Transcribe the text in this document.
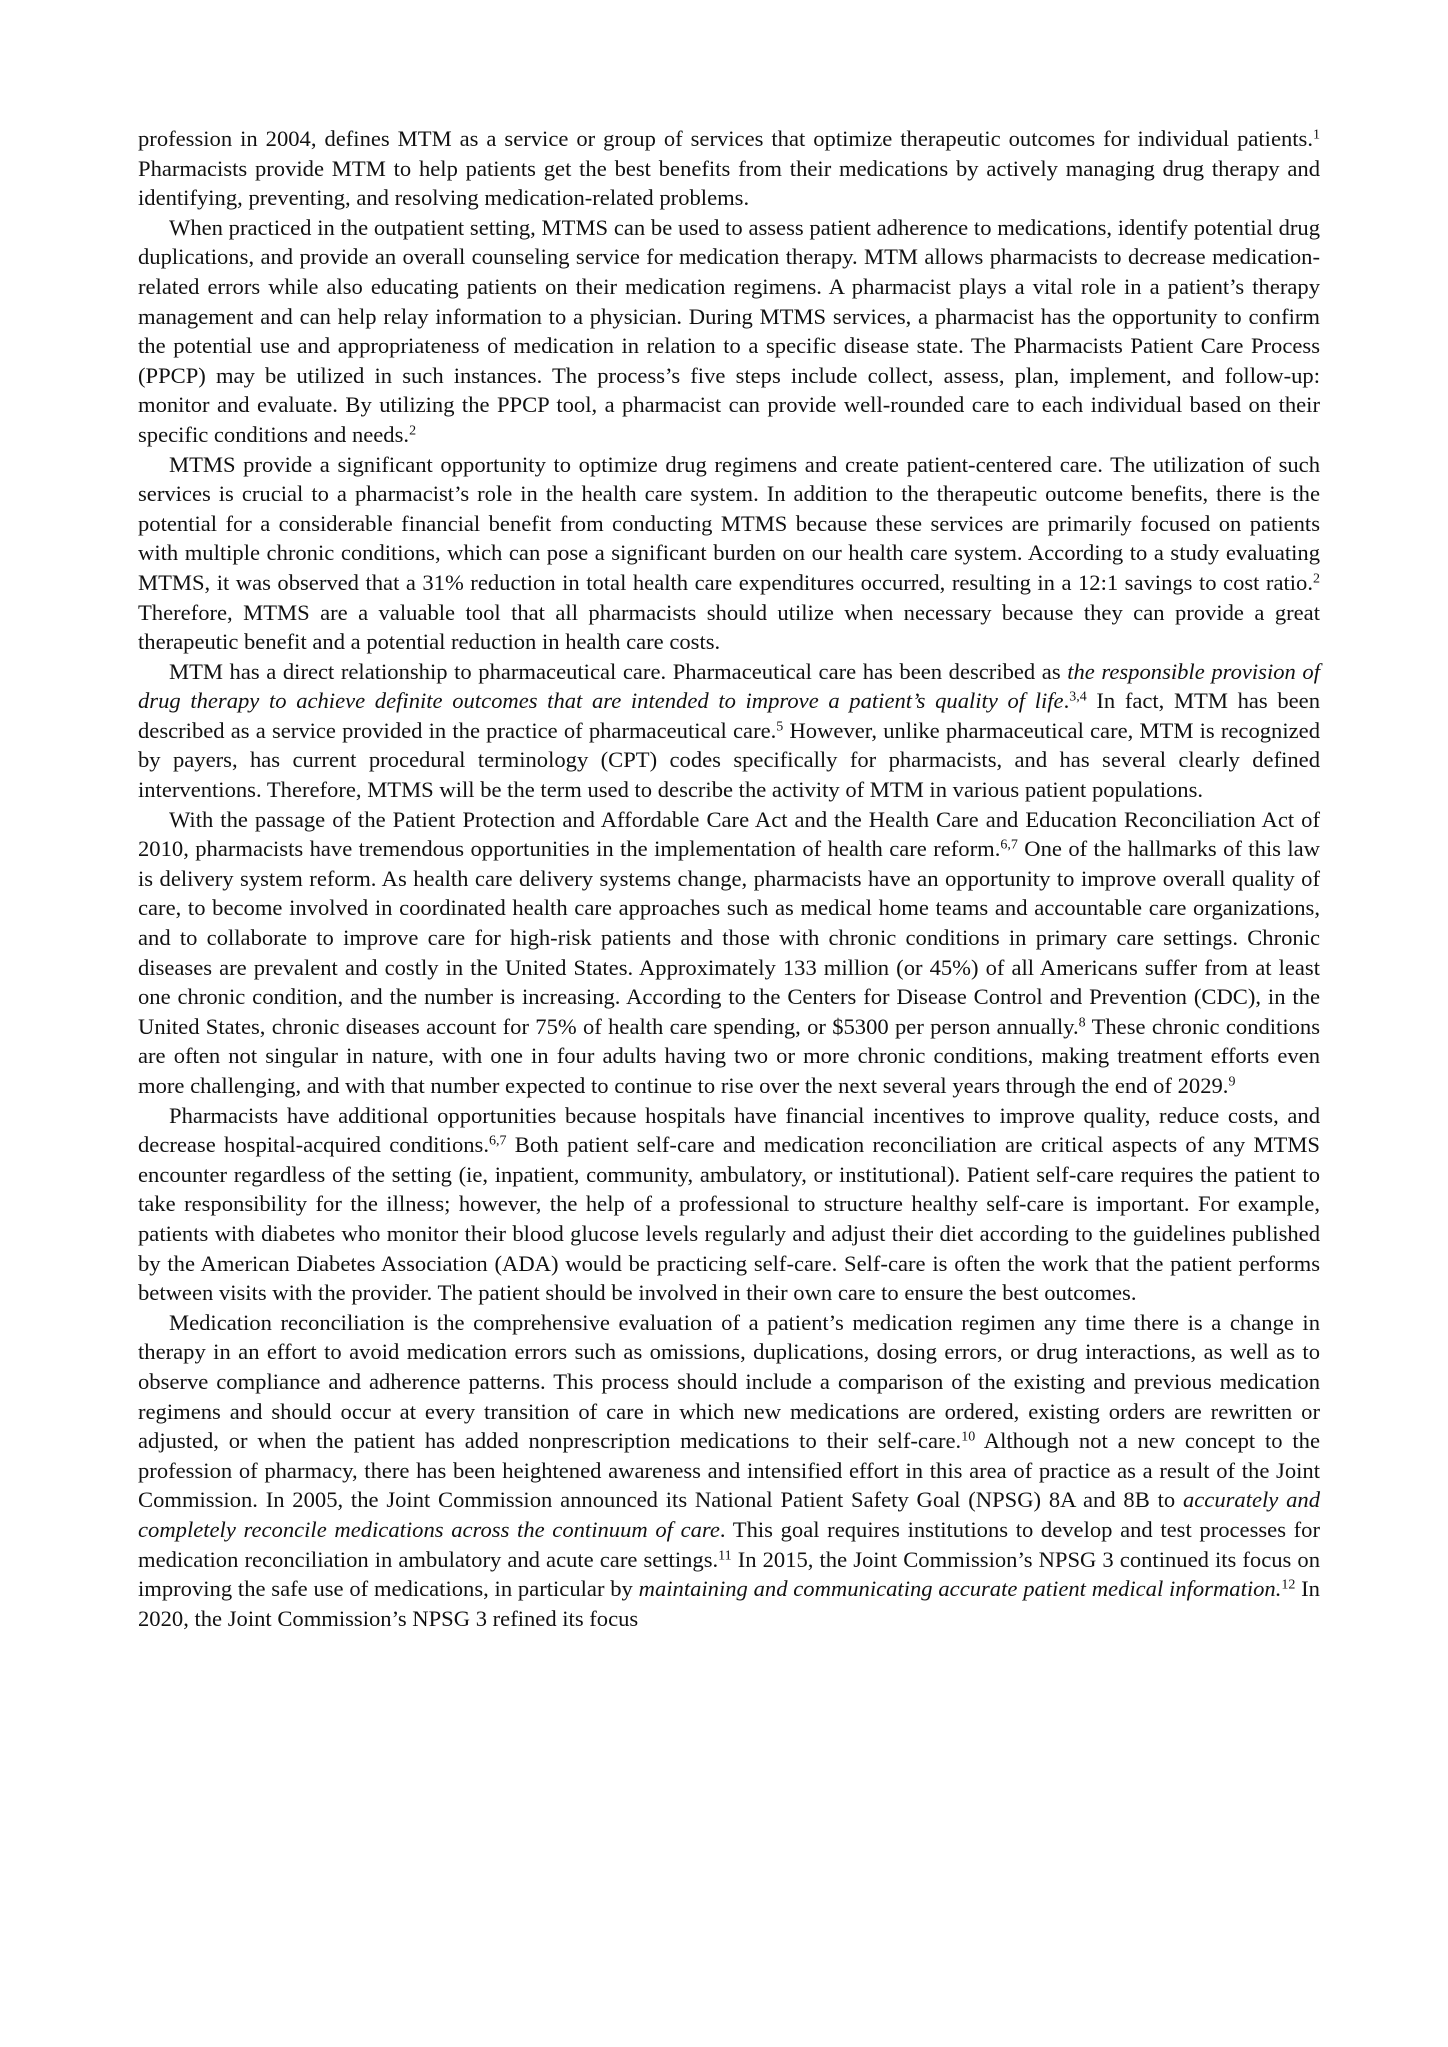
profession in 2004, defines MTM as a service or group of services that optimize therapeutic outcomes for individual patients.$^1$ Pharmacists provide MTM to help patients get the best benefits from their medications by actively managing drug therapy and identifying, preventing, and resolving medication-related problems.

When practiced in the outpatient setting, MTMS can be used to assess patient adherence to medications, identify potential drug duplications, and provide an overall counseling service for medication therapy. MTM allows pharmacists to decrease medication-related errors while also educating patients on their medication regimens. A pharmacist plays a vital role in a patient’s therapy management and can help relay information to a physician. During MTMS services, a pharmacist has the opportunity to confirm the potential use and appropriateness of medication in relation to a specific disease state. The Pharmacists Patient Care Process (PPCP) may be utilized in such instances. The process’s five steps include collect, assess, plan, implement, and follow-up: monitor and evaluate. By utilizing the PPCP tool, a pharmacist can provide well-rounded care to each individual based on their specific conditions and needs.$^2$

MTMS provide a significant opportunity to optimize drug regimens and create patient-centered care. The utilization of such services is crucial to a pharmacist’s role in the health care system. In addition to the therapeutic outcome benefits, there is the potential for a considerable financial benefit from conducting MTMS because these services are primarily focused on patients with multiple chronic conditions, which can pose a significant burden on our health care system. According to a study evaluating MTMS, it was observed that a 31% reduction in total health care expenditures occurred, resulting in a 12:1 savings to cost ratio.$^2$ Therefore, MTMS are a valuable tool that all pharmacists should utilize when necessary because they can provide a great therapeutic benefit and a potential reduction in health care costs.

MTM has a direct relationship to pharmaceutical care. Pharmaceutical care has been described as the responsible provision of drug therapy to achieve definite outcomes that are intended to improve a patient’s quality of life.$^{3,4}$ In fact, MTM has been described as a service provided in the practice of pharmaceutical care.$^5$ However, unlike pharmaceutical care, MTM is recognized by payers, has current procedural terminology (CPT) codes specifically for pharmacists, and has several clearly defined interventions. Therefore, MTMS will be the term used to describe the activity of MTM in various patient populations.

With the passage of the Patient Protection and Affordable Care Act and the Health Care and Education Reconciliation Act of 2010, pharmacists have tremendous opportunities in the implementation of health care reform.$^{6,7}$ One of the hallmarks of this law is delivery system reform. As health care delivery systems change, pharmacists have an opportunity to improve overall quality of care, to become involved in coordinated health care approaches such as medical home teams and accountable care organizations, and to collaborate to improve care for high-risk patients and those with chronic conditions in primary care settings. Chronic diseases are prevalent and costly in the United States. Approximately 133 million (or 45%) of all Americans suffer from at least one chronic condition, and the number is increasing. According to the Centers for Disease Control and Prevention (CDC), in the United States, chronic diseases account for 75% of health care spending, or $5300 per person annually.$^8$ These chronic conditions are often not singular in nature, with one in four adults having two or more chronic conditions, making treatment efforts even more challenging, and with that number expected to continue to rise over the next several years through the end of 2029.$^9$

Pharmacists have additional opportunities because hospitals have financial incentives to improve quality, reduce costs, and decrease hospital-acquired conditions.$^{6,7}$ Both patient self-care and medication reconciliation are critical aspects of any MTMS encounter regardless of the setting (ie, inpatient, community, ambulatory, or institutional). Patient self-care requires the patient to take responsibility for the illness; however, the help of a professional to structure healthy self-care is important. For example, patients with diabetes who monitor their blood glucose levels regularly and adjust their diet according to the guidelines published by the American Diabetes Association (ADA) would be practicing self-care. Self-care is often the work that the patient performs between visits with the provider. The patient should be involved in their own care to ensure the best outcomes.

Medication reconciliation is the comprehensive evaluation of a patient’s medication regimen any time there is a change in therapy in an effort to avoid medication errors such as omissions, duplications, dosing errors, or drug interactions, as well as to observe compliance and adherence patterns. This process should include a comparison of the existing and previous medication regimens and should occur at every transition of care in which new medications are ordered, existing orders are rewritten or adjusted, or when the patient has added nonprescription medications to their self-care.$^{10}$ Although not a new concept to the profession of pharmacy, there has been heightened awareness and intensified effort in this area of practice as a result of the Joint Commission. In 2005, the Joint Commission announced its National Patient Safety Goal (NPSG) 8A and 8B to accurately and completely reconcile medications across the continuum of care. This goal requires institutions to develop and test processes for medication reconciliation in ambulatory and acute care settings.$^{11}$ In 2015, the Joint Commission’s NPSG 3 continued its focus on improving the safe use of medications, in particular by maintaining and communicating accurate patient medical information.$^{12}$ In 2020, the Joint Commission’s NPSG 3 refined its focus
